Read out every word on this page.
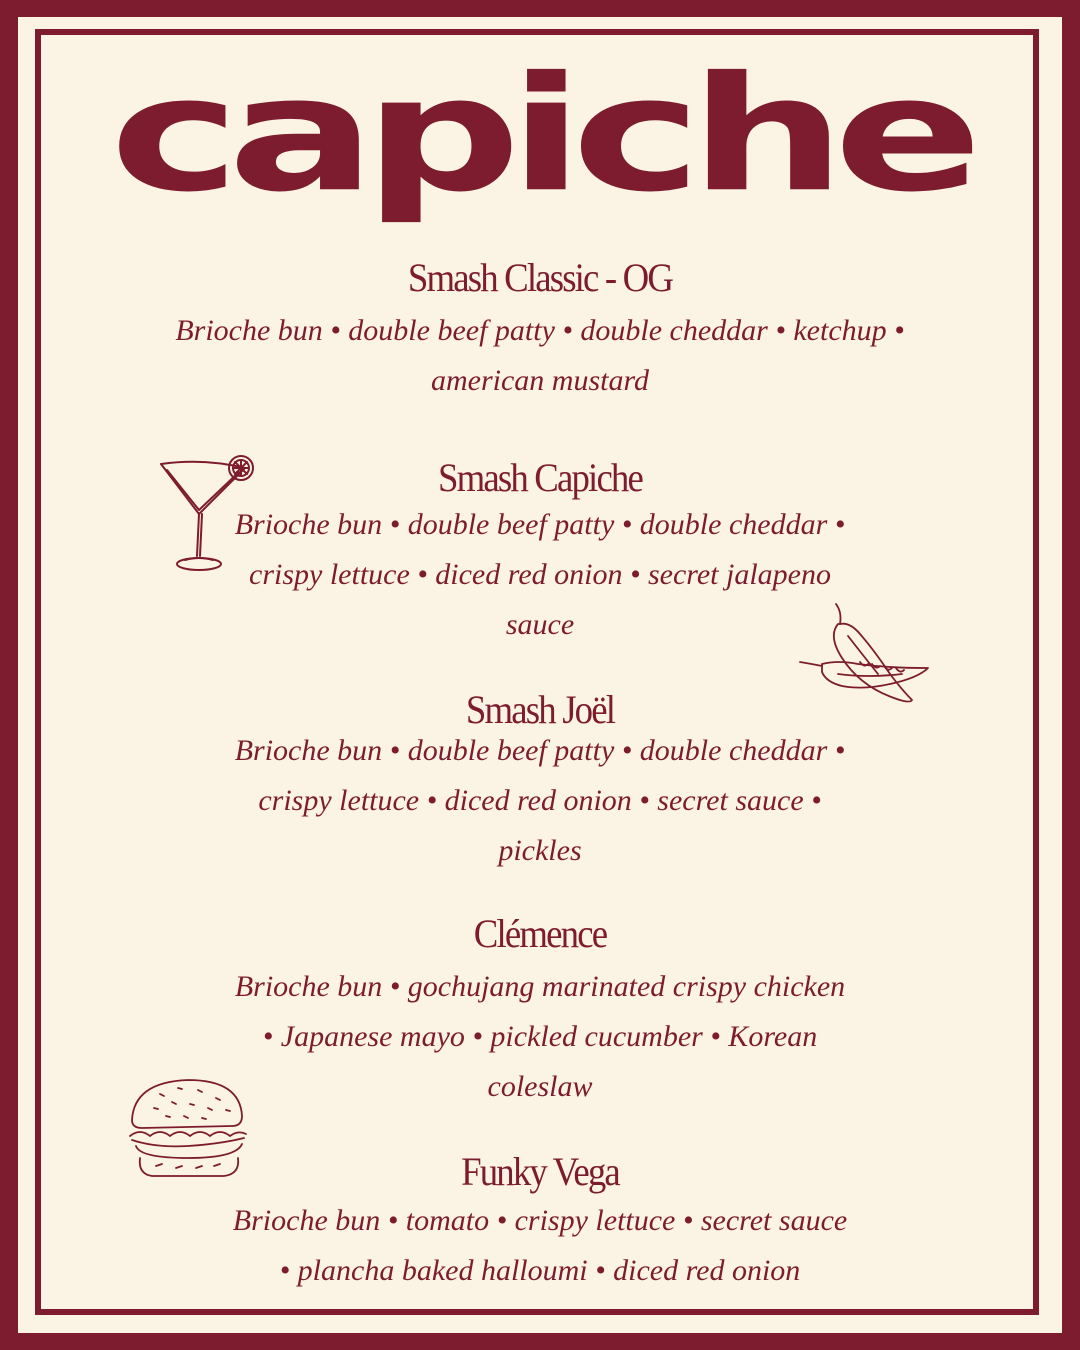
capiche
Smash Classic - OG
Brioche bun • double beef patty • double cheddar • ketchup • american mustard
Smash Capiche
Brioche bun • double beef patty • double cheddar • crispy lettuce • diced red onion • secret jalapeno sauce
Smash Joël
Brioche bun • double beef patty • double cheddar • crispy lettuce • diced red onion • secret sauce • pickles
Clémence
Brioche bun • gochujang marinated crispy chicken • Japanese mayo • pickled cucumber • Korean coleslaw
Funky Vega
Brioche bun • tomato • crispy lettuce • secret sauce • plancha baked halloumi • diced red onion
